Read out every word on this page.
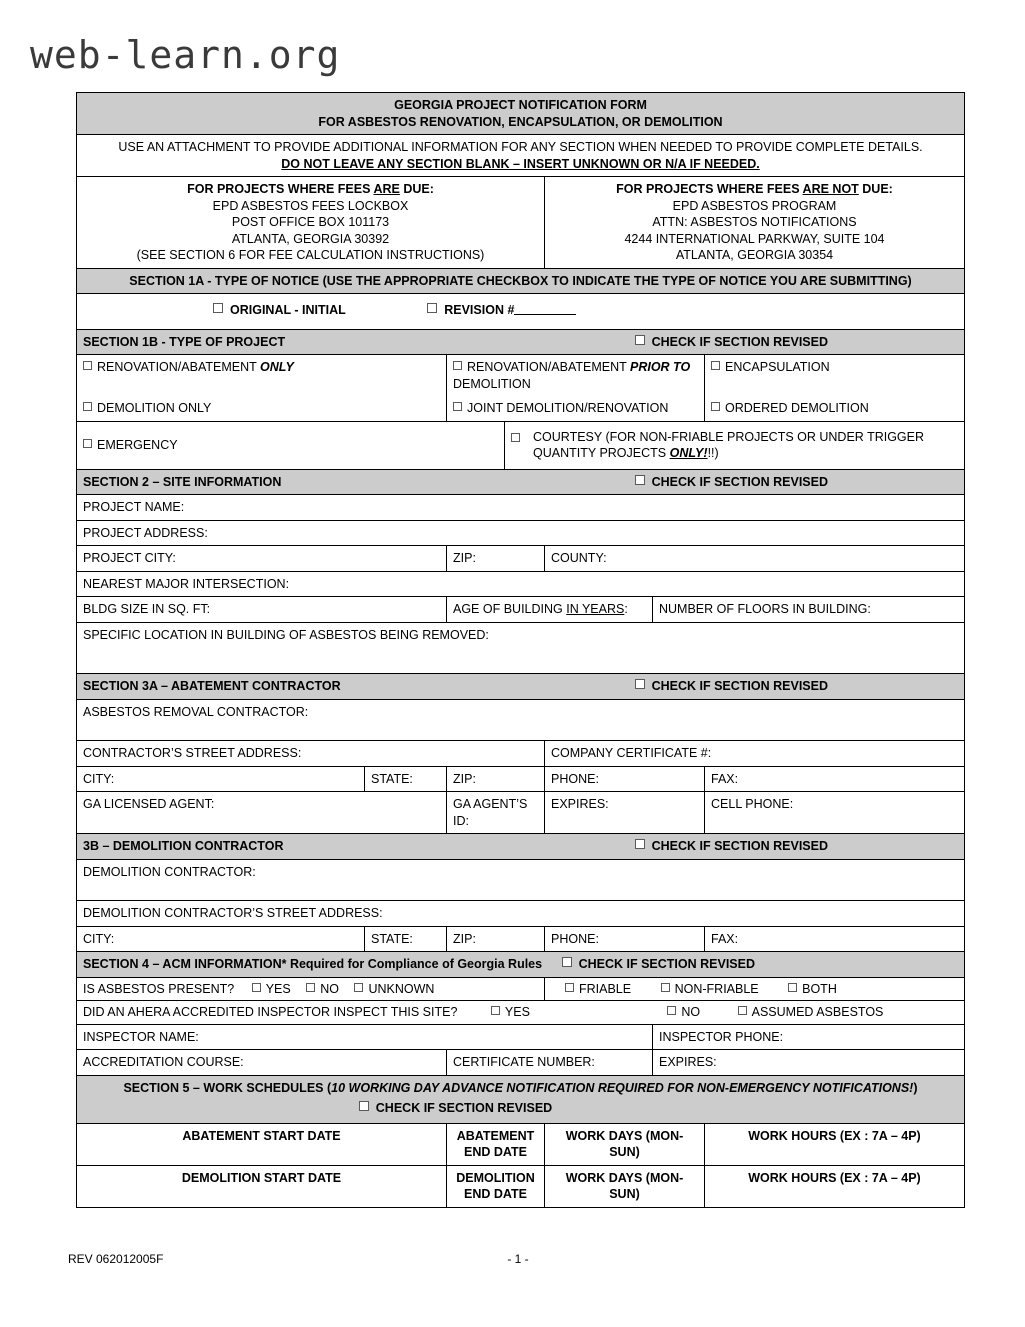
web-learn.org
GEORGIA PROJECT NOTIFICATION FORM
FOR ASBESTOS RENOVATION, ENCAPSULATION, OR DEMOLITION						

USE AN ATTACHMENT TO PROVIDE ADDITIONAL INFORMATION FOR ANY SECTION WHEN NEEDED TO PROVIDE COMPLETE DETAILS.
DO NOT LEAVE ANY SECTION BLANK – INSERT UNKNOWN OR N/A IF NEEDED.						

FOR PROJECTS WHERE FEES ARE DUE:
EPD ASBESTOS FEES LOCKBOX
POST OFFICE BOX 101173
ATLANTA, GEORGIA 30392
(SEE SECTION 6 FOR FEE CALCULATION INSTRUCTIONS)

FOR PROJECTS WHERE FEES ARE NOT DUE:
EPD ASBESTOS PROGRAM
ATTN: ASBESTOS NOTIFICATIONS
4244 INTERNATIONAL PARKWAY, SUITE 104
ATLANTA, GEORGIA 30354

SECTION 1A - TYPE OF NOTICE (USE THE APPROPRIATE CHECKBOX TO INDICATE THE TYPE OF NOTICE YOU ARE SUBMITTING)						
ORIGINAL - INITIAL REVISION #						

SECTION 1B - TYPE OF PROJECT CHECK IF SECTION REVISED						

RENOVATION/ABATEMENT ONLY		RENOVATION/ABATEMENT PRIOR TO DEMOLITION				ENCAPSULATION
DEMOLITION ONLY		JOINT DEMOLITION/RENOVATION				ORDERED DEMOLITION
EMERGENCY			COURTESY (FOR NON-FRIABLE PROJECTS OR UNDER TRIGGER
QUANTITY PROJECTS ONLY!!!)			

SECTION 2 – SITE INFORMATION CHECK IF SECTION REVISED						

PROJECT NAME:						
PROJECT ADDRESS:						
PROJECT CITY:		ZIP:		COUNTY:		
NEAREST MAJOR INTERSECTION:						
BLDG SIZE IN SQ. FT:		AGE OF BUILDING IN YEARS:			NUMBER OF FLOORS IN BUILDING:	
SPECIFIC LOCATION IN BUILDING OF ASBESTOS BEING REMOVED:						

SECTION 3A – ABATEMENT CONTRACTOR CHECK IF SECTION REVISED						

ASBESTOS REMOVAL CONTRACTOR:						
CONTRACTOR’S STREET ADDRESS:				COMPANY CERTIFICATE #:		
CITY:	STATE:	ZIP:		PHONE:		FAX:
GA LICENSED AGENT:		GA AGENT’S ID:		EXPIRES:		CELL PHONE:

3B – DEMOLITION CONTRACTOR CHECK IF SECTION REVISED						

DEMOLITION CONTRACTOR:						
DEMOLITION CONTRACTOR’S STREET ADDRESS:						
CITY:	STATE:	ZIP:		PHONE:		FAX:
SECTION 4 – ACM INFORMATION* Required for Compliance of Georgia Rules CHECK IF SECTION REVISED						
IS ASBESTOS PRESENT? YES NO UNKNOWN				FRIABLE NON-FRIABLE BOTH		
DID AN AHERA ACCREDITED INSPECTOR INSPECT THIS SITE? YES NO ASSUMED ASBESTOS						
INSPECTOR NAME:					INSPECTOR PHONE:	
ACCREDITATION COURSE:		CERTIFICATE NUMBER:			EXPIRES:	

SECTION 5 – WORK SCHEDULES (10 WORKING DAY ADVANCE NOTIFICATION REQUIRED FOR NON-EMERGENCY NOTIFICATIONS!)
CHECK IF SECTION REVISED						

ABATEMENT START DATE		ABATEMENT END DATE		WORK DAYS (MON-SUN)		WORK HOURS (EX : 7A – 4P)
DEMOLITION START DATE		DEMOLITION END DATE		WORK DAYS (MON-SUN)		WORK HOURS (EX : 7A – 4P)
REV 062012005F	- 1 -
